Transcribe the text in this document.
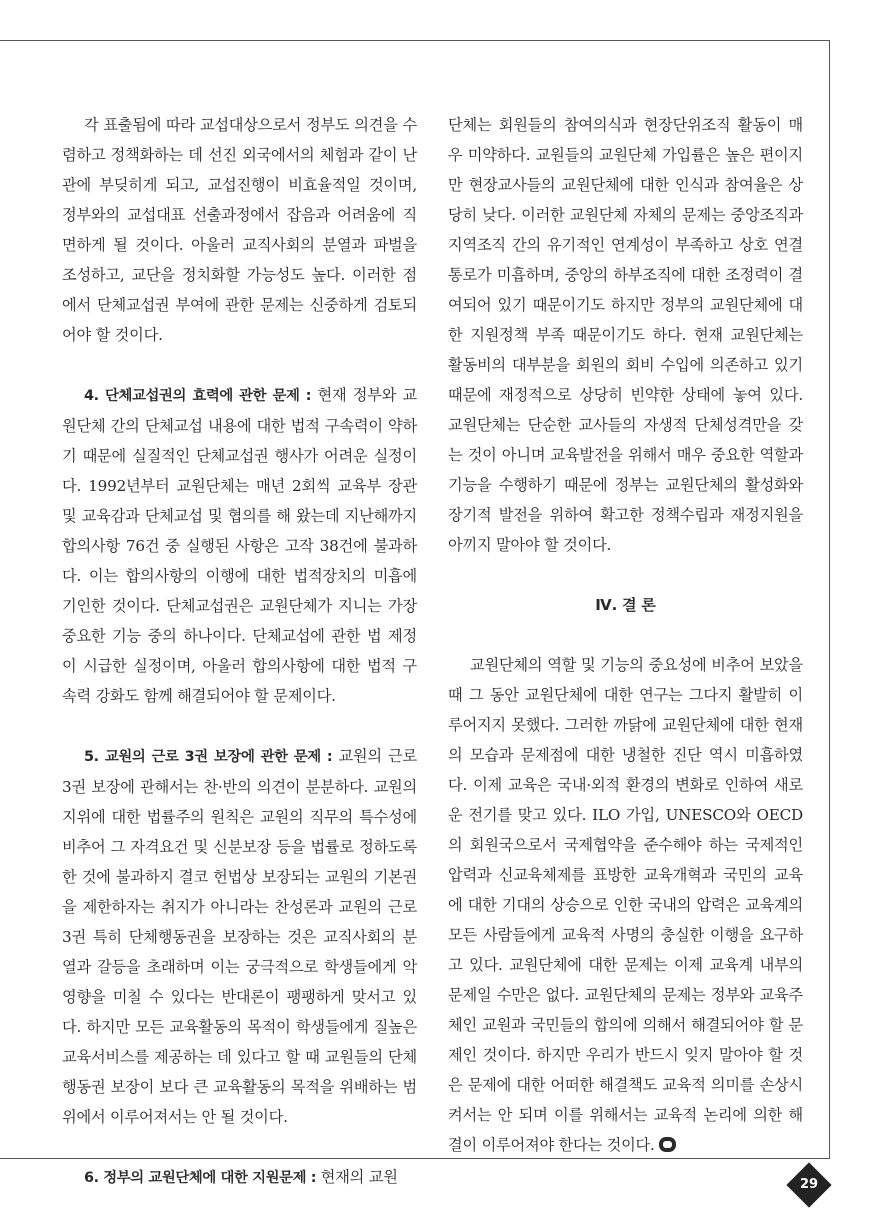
각 표출됨에 따라 교섭대상으로서 정부도 의견을 수렴하고 정책화하는 데 선진 외국에서의 체험과 같이 난관에 부딪히게 되고, 교섭진행이 비효율적일 것이며, 정부와의 교섭대표 선출과정에서 잡음과 어려움에 직면하게 될 것이다. 아울러 교직사회의 분열과 파벌을 조성하고, 교단을 정치화할 가능성도 높다. 이러한 점에서 단체교섭권 부여에 관한 문제는 신중하게 검토되어야 할 것이다.

4. 단체교섭권의 효력에 관한 문제 : 현재 정부와 교원단체 간의 단체교섭 내용에 대한 법적 구속력이 약하기 때문에 실질적인 단체교섭권 행사가 어려운 실정이다. 1992년부터 교원단체는 매년 2회씩 교육부 장관 및 교육감과 단체교섭 및 협의를 해 왔는데 지난해까지 합의사항 76건 중 실행된 사항은 고작 38건에 불과하다. 이는 합의사항의 이행에 대한 법적장치의 미흡에 기인한 것이다. 단체교섭권은 교원단체가 지니는 가장 중요한 기능 중의 하나이다. 단체교섭에 관한 법 제정이 시급한 실정이며, 아울러 합의사항에 대한 법적 구속력 강화도 함께 해결되어야 할 문제이다.

5. 교원의 근로 3권 보장에 관한 문제 : 교원의 근로 3권 보장에 관해서는 찬·반의 의견이 분분하다. 교원의 지위에 대한 법률주의 원칙은 교원의 직무의 특수성에 비추어 그 자격요건 및 신분보장 등을 법률로 정하도록 한 것에 불과하지 결코 헌법상 보장되는 교원의 기본권을 제한하자는 취지가 아니라는 찬성론과 교원의 근로 3권 특히 단체행동권을 보장하는 것은 교직사회의 분열과 갈등을 초래하며 이는 궁극적으로 학생들에게 악영향을 미칠 수 있다는 반대론이 팽팽하게 맞서고 있다. 하지만 모든 교육활동의 목적이 학생들에게 질높은 교육서비스를 제공하는 데 있다고 할 때 교원들의 단체행동권 보장이 보다 큰 교육활동의 목적을 위배하는 범위에서 이루어져서는 안 될 것이다.

6. 정부의 교원단체에 대한 지원문제 : 현재의 교원

단체는 회원들의 참여의식과 현장단위조직 활동이 매우 미약하다. 교원들의 교원단체 가입률은 높은 편이지만 현장교사들의 교원단체에 대한 인식과 참여율은 상당히 낮다. 이러한 교원단체 자체의 문제는 중앙조직과 지역조직 간의 유기적인 연계성이 부족하고 상호 연결통로가 미흡하며, 중앙의 하부조직에 대한 조정력이 결여되어 있기 때문이기도 하지만 정부의 교원단체에 대한 지원정책 부족 때문이기도 하다. 현재 교원단체는 활동비의 대부분을 회원의 회비 수입에 의존하고 있기 때문에 재정적으로 상당히 빈약한 상태에 놓여 있다. 교원단체는 단순한 교사들의 자생적 단체성격만을 갖는 것이 아니며 교육발전을 위해서 매우 중요한 역할과 기능을 수행하기 때문에 정부는 교원단체의 활성화와 장기적 발전을 위하여 확고한 정책수립과 재정지원을 아끼지 말아야 할 것이다.

Ⅳ. 결 론

교원단체의 역할 및 기능의 중요성에 비추어 보았을 때 그 동안 교원단체에 대한 연구는 그다지 활발히 이루어지지 못했다. 그러한 까닭에 교원단체에 대한 현재의 모습과 문제점에 대한 냉철한 진단 역시 미흡하였다. 이제 교육은 국내·외적 환경의 변화로 인하여 새로운 전기를 맞고 있다. ILO 가입, UNESCO와 OECD의 회원국으로서 국제협약을 준수해야 하는 국제적인 압력과 신교육체제를 표방한 교육개혁과 국민의 교육에 대한 기대의 상승으로 인한 국내의 압력은 교육계의 모든 사람들에게 교육적 사명의 충실한 이행을 요구하고 있다. 교원단체에 대한 문제는 이제 교육계 내부의 문제일 수만은 없다. 교원단체의 문제는 정부와 교육주체인 교원과 국민들의 합의에 의해서 해결되어야 할 문제인 것이다. 하지만 우리가 반드시 잊지 말아야 할 것은 문제에 대한 어떠한 해결책도 교육적 의미를 손상시켜서는 안 되며 이를 위해서는 교육적 논리에 의한 해결이 이루어져야 한다는 것이다.

29
